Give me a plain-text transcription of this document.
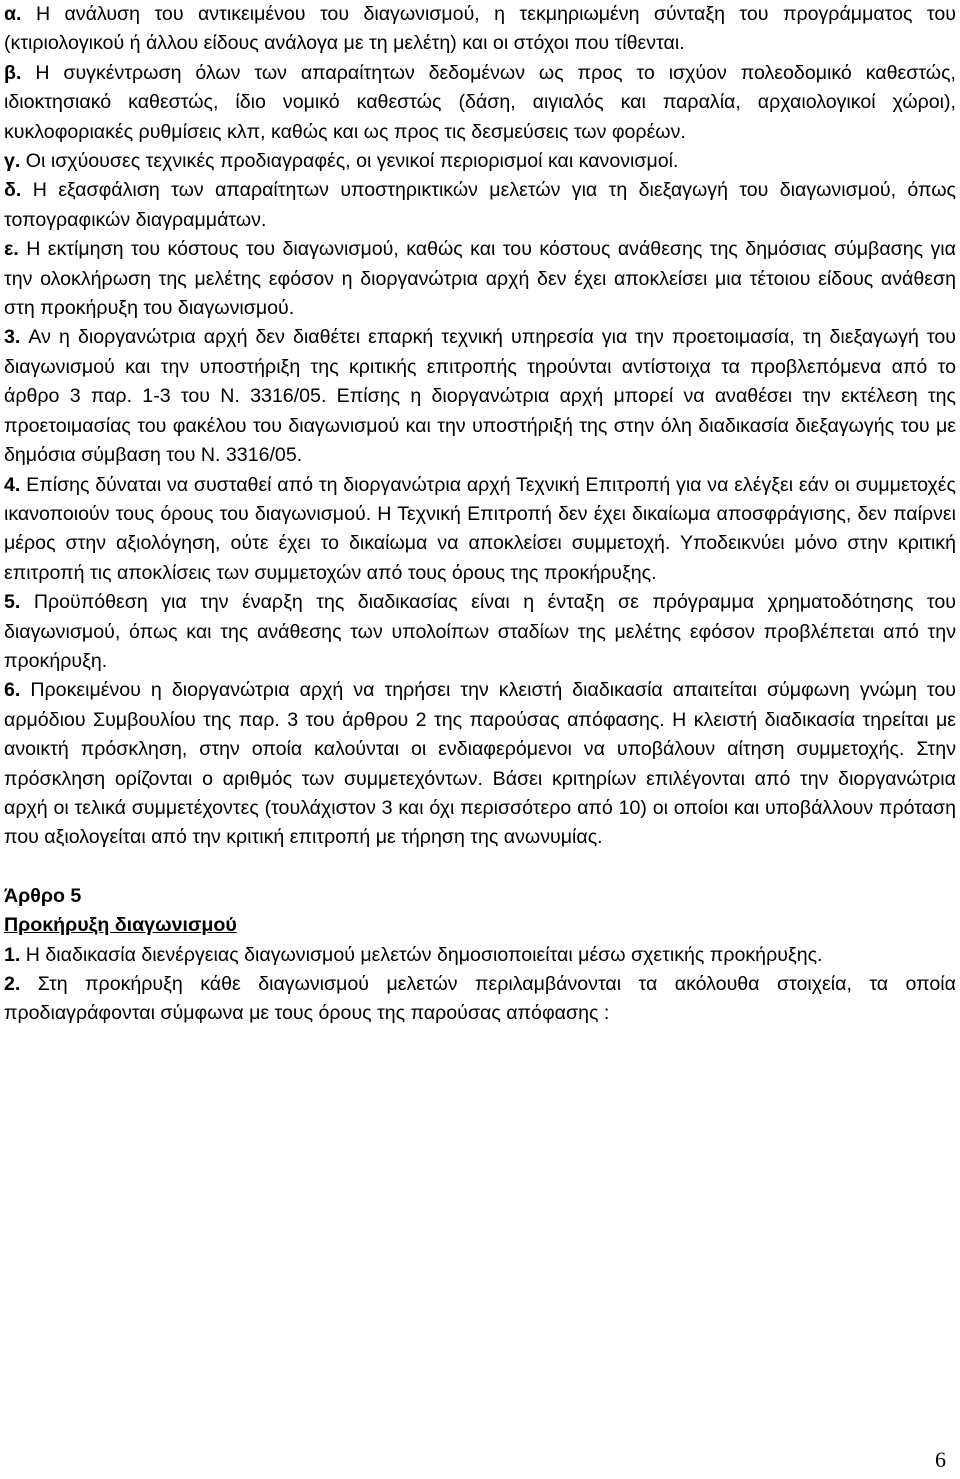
α. Η ανάλυση του αντικειμένου του διαγωνισμού, η τεκμηριωμένη σύνταξη του προγράμματος του (κτιριολογικού ή άλλου είδους ανάλογα με τη μελέτη) και οι στόχοι που τίθενται.

β. Η συγκέντρωση όλων των απαραίτητων δεδομένων ως προς το ισχύον πολεοδομικό καθεστώς, ιδιοκτησιακό καθεστώς, ίδιο νομικό καθεστώς (δάση, αιγιαλός και παραλία, αρχαιολογικοί χώροι), κυκλοφοριακές ρυθμίσεις κλπ, καθώς και ως προς τις δεσμεύσεις των φορέων.

γ. Οι ισχύουσες τεχνικές προδιαγραφές, οι γενικοί περιορισμοί και κανονισμοί.

δ. Η εξασφάλιση των απαραίτητων υποστηρικτικών μελετών για τη διεξαγωγή του διαγωνισμού, όπως τοπογραφικών διαγραμμάτων.

ε. Η εκτίμηση του κόστους του διαγωνισμού, καθώς και του κόστους ανάθεσης της δημόσιας σύμβασης για την ολοκλήρωση της μελέτης εφόσον η διοργανώτρια αρχή δεν έχει αποκλείσει μια τέτοιου είδους ανάθεση στη προκήρυξη του διαγωνισμού.

3. Αν η διοργανώτρια αρχή δεν διαθέτει επαρκή τεχνική υπηρεσία για την προετοιμασία, τη διεξαγωγή του διαγωνισμού και την υποστήριξη της κριτικής επιτροπής τηρούνται αντίστοιχα τα προβλεπόμενα από το άρθρο 3 παρ. 1-3 του Ν. 3316/05. Επίσης η διοργανώτρια αρχή μπορεί να αναθέσει την εκτέλεση της προετοιμασίας του φακέλου του διαγωνισμού και την υποστήριξή της στην όλη διαδικασία διεξαγωγής του με δημόσια σύμβαση του Ν. 3316/05.

4. Επίσης δύναται να συσταθεί από τη διοργανώτρια αρχή Τεχνική Επιτροπή για να ελέγξει εάν οι συμμετοχές ικανοποιούν τους όρους του διαγωνισμού. Η Τεχνική Επιτροπή δεν έχει δικαίωμα αποσφράγισης, δεν παίρνει μέρος στην αξιολόγηση, ούτε έχει το δικαίωμα να αποκλείσει συμμετοχή. Υποδεικνύει μόνο στην κριτική επιτροπή τις αποκλίσεις των συμμετοχών από τους όρους της προκήρυξης.

5. Προϋπόθεση για την έναρξη της διαδικασίας είναι η ένταξη σε πρόγραμμα χρηματοδότησης του διαγωνισμού, όπως και της ανάθεσης των υπολοίπων σταδίων της μελέτης εφόσον προβλέπεται από την προκήρυξη.

6. Προκειμένου η διοργανώτρια αρχή να τηρήσει την κλειστή διαδικασία απαιτείται σύμφωνη γνώμη του αρμόδιου Συμβουλίου της παρ. 3 του άρθρου 2 της παρούσας απόφασης. Η κλειστή διαδικασία τηρείται με ανοικτή πρόσκληση, στην οποία καλούνται οι ενδιαφερόμενοι να υποβάλουν αίτηση συμμετοχής. Στην πρόσκληση ορίζονται ο αριθμός των συμμετεχόντων. Βάσει κριτηρίων επιλέγονται από την διοργανώτρια αρχή οι τελικά συμμετέχοντες (τουλάχιστον 3 και όχι περισσότερο από 10) οι οποίοι και υποβάλλουν πρόταση που αξιολογείται από την κριτική επιτροπή με τήρηση της ανωνυμίας.

Άρθρο 5

Προκήρυξη διαγωνισμού

1. Η διαδικασία διενέργειας διαγωνισμού μελετών δημοσιοποιείται μέσω σχετικής προκήρυξης.

2. Στη προκήρυξη κάθε διαγωνισμού μελετών περιλαμβάνονται τα ακόλουθα στοιχεία, τα οποία προδιαγράφονται σύμφωνα με τους όρους της παρούσας απόφασης :

6
